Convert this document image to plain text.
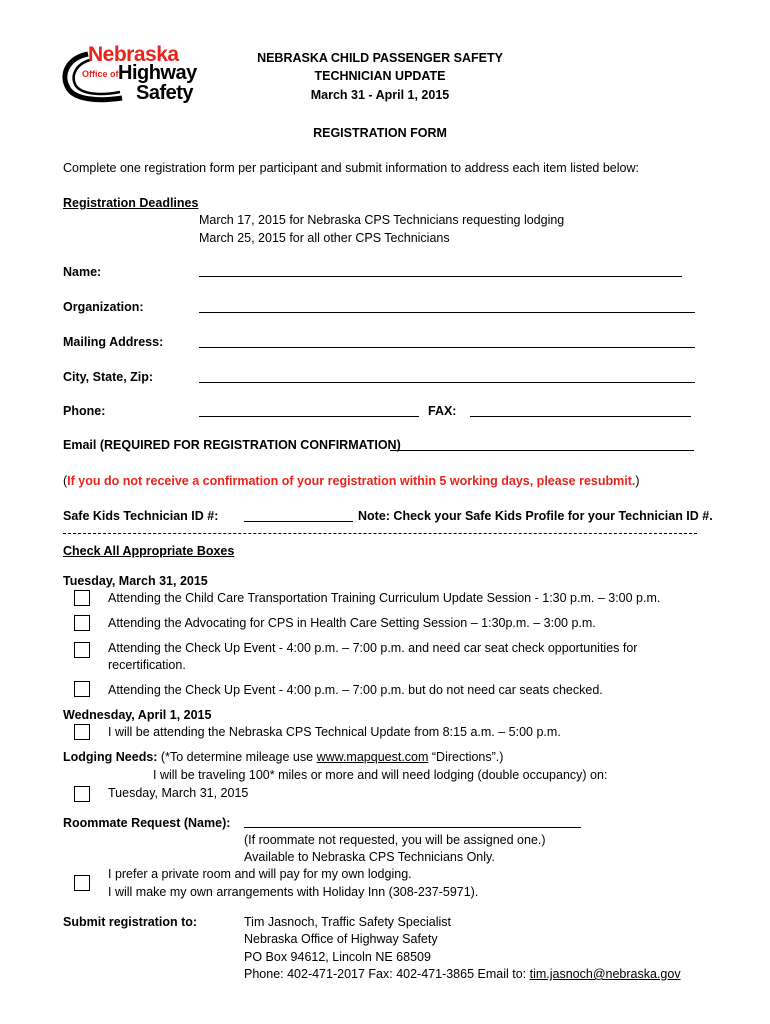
Nebraska
Office of Highway
Safety
NEBRASKA CHILD PASSENGER SAFETY
TECHNICIAN UPDATE
March 31 - April 1, 2015
REGISTRATION FORM
Complete one registration form per participant and submit information to address each item listed below:
Registration Deadlines
March 17, 2015 for Nebraska CPS Technicians requesting lodging
March 25, 2015 for all other CPS Technicians
Name:
Organization:
Mailing Address:
City, State, Zip:
Phone:	FAX:
Email (REQUIRED FOR REGISTRATION CONFIRMATION)
(If you do not receive a confirmation of your registration within 5 working days, please resubmit.)
Safe Kids Technician ID #:	Note: Check your Safe Kids Profile for your Technician ID #.
Check All Appropriate Boxes
Tuesday, March 31, 2015
Attending the Child Care Transportation Training Curriculum Update Session - 1:30 p.m. – 3:00 p.m.
Attending the Advocating for CPS in Health Care Setting Session – 1:30p.m. – 3:00 p.m.
Attending the Check Up Event - 4:00 p.m. – 7:00 p.m. and need car seat check opportunities for
recertification.
Attending the Check Up Event - 4:00 p.m. – 7:00 p.m. but do not need car seats checked.
Wednesday, April 1, 2015
I will be attending the Nebraska CPS Technical Update from 8:15 a.m. – 5:00 p.m.
Lodging Needs: (*To determine mileage use www.mapquest.com “Directions”.)
I will be traveling 100* miles or more and will need lodging (double occupancy) on:
Tuesday, March 31, 2015
Roommate Request (Name):
(If roommate not requested, you will be assigned one.)
Available to Nebraska CPS Technicians Only.
I prefer a private room and will pay for my own lodging.
I will make my own arrangements with Holiday Inn (308-237-5971).
Submit registration to:	Tim Jasnoch, Traffic Safety Specialist
Nebraska Office of Highway Safety
PO Box 94612, Lincoln NE 68509
Phone: 402-471-2017 Fax: 402-471-3865 Email to: tim.jasnoch@nebraska.gov
